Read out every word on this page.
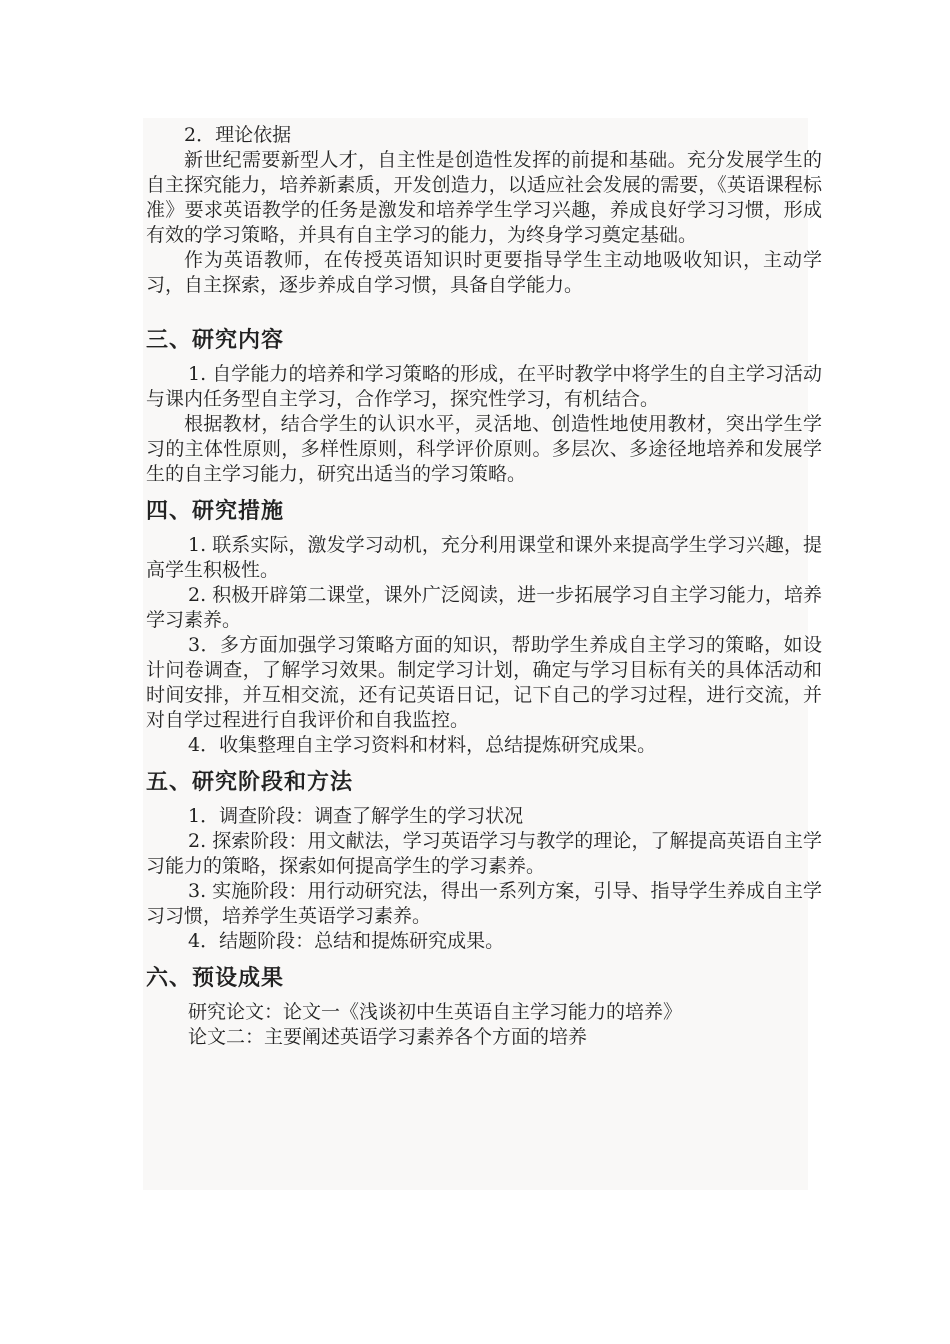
2．理论依据

新世纪需要新型人才，自主性是创造性发挥的前提和基础。充分发展学生的自主探究能力，培养新素质，开发创造力，以适应社会发展的需要，《英语课程标准》要求英语教学的任务是激发和培养学生学习兴趣，养成良好学习习惯，形成有效的学习策略，并具有自主学习的能力，为终身学习奠定基础。

作为英语教师，在传授英语知识时更要指导学生主动地吸收知识，主动学习，自主探索，逐步养成自学习惯，具备自学能力。

三、研究内容

1. 自学能力的培养和学习策略的形成，在平时教学中将学生的自主学习活动与课内任务型自主学习，合作学习，探究性学习，有机结合。

根据教材，结合学生的认识水平，灵活地、创造性地使用教材，突出学生学习的主体性原则，多样性原则，科学评价原则。多层次、多途径地培养和发展学生的自主学习能力，研究出适当的学习策略。

四、研究措施

1. 联系实际，激发学习动机，充分利用课堂和课外来提高学生学习兴趣，提高学生积极性。

2. 积极开辟第二课堂，课外广泛阅读，进一步拓展学习自主学习能力，培养学习素养。

3．多方面加强学习策略方面的知识，帮助学生养成自主学习的策略，如设计问卷调查，了解学习效果。制定学习计划，确定与学习目标有关的具体活动和时间安排，并互相交流，还有记英语日记，记下自己的学习过程，进行交流，并对自学过程进行自我评价和自我监控。

4．收集整理自主学习资料和材料，总结提炼研究成果。

五、研究阶段和方法

1．调查阶段：调查了解学生的学习状况

2. 探索阶段：用文献法，学习英语学习与教学的理论，了解提高英语自主学习能力的策略，探索如何提高学生的学习素养。

3. 实施阶段：用行动研究法，得出一系列方案，引导、指导学生养成自主学习习惯，培养学生英语学习素养。

4．结题阶段：总结和提炼研究成果。

六、预设成果

研究论文：论文一《浅谈初中生英语自主学习能力的培养》

论文二：主要阐述英语学习素养各个方面的培养
